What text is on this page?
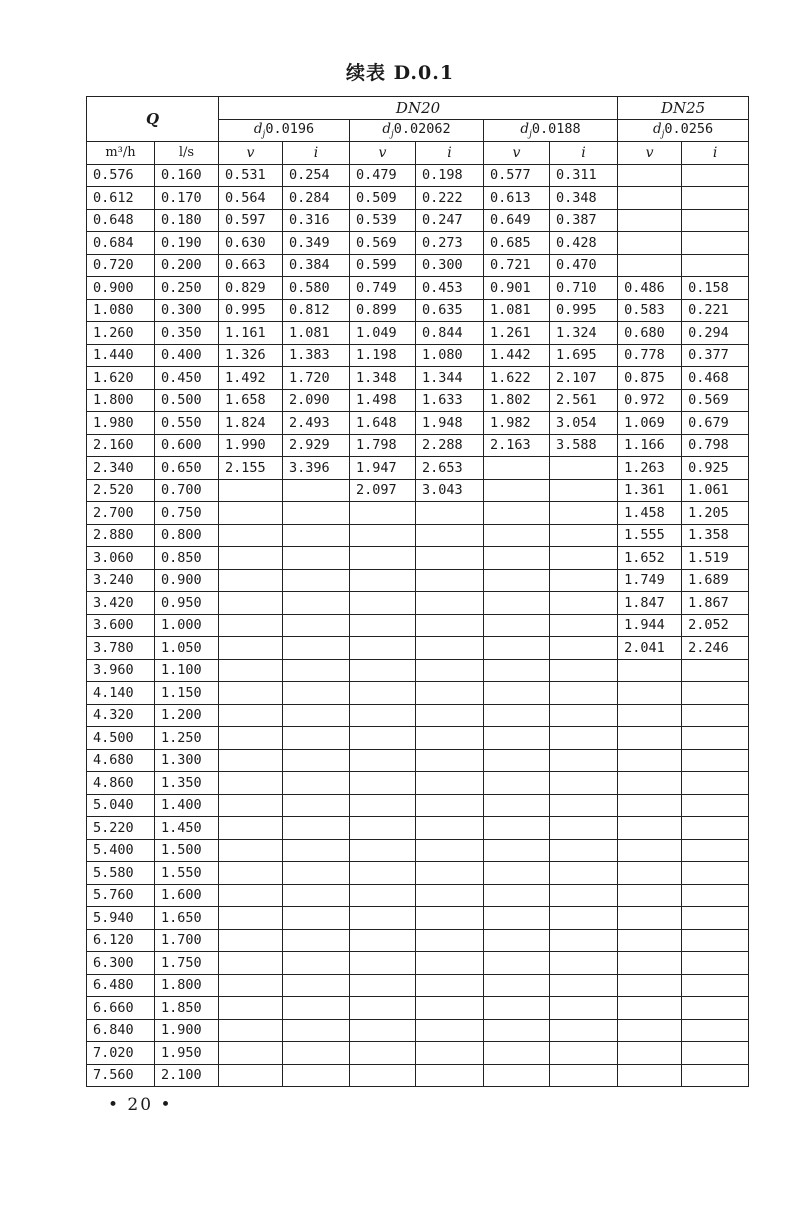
续表 D.0.1
Q		DN20						DN25	
		$d_j0.0196$		$d_j0.02062$		$d_j0.0188$		$d_j0.0256$	
m³/h	l/s	v	i	v	i	v	i	v	i
0.576	0.160	0.531	0.254	0.479	0.198	0.577	0.311		
0.612	0.170	0.564	0.284	0.509	0.222	0.613	0.348		
0.648	0.180	0.597	0.316	0.539	0.247	0.649	0.387		
0.684	0.190	0.630	0.349	0.569	0.273	0.685	0.428		
0.720	0.200	0.663	0.384	0.599	0.300	0.721	0.470		
0.900	0.250	0.829	0.580	0.749	0.453	0.901	0.710	0.486	0.158
1.080	0.300	0.995	0.812	0.899	0.635	1.081	0.995	0.583	0.221
1.260	0.350	1.161	1.081	1.049	0.844	1.261	1.324	0.680	0.294
1.440	0.400	1.326	1.383	1.198	1.080	1.442	1.695	0.778	0.377
1.620	0.450	1.492	1.720	1.348	1.344	1.622	2.107	0.875	0.468
1.800	0.500	1.658	2.090	1.498	1.633	1.802	2.561	0.972	0.569
1.980	0.550	1.824	2.493	1.648	1.948	1.982	3.054	1.069	0.679
2.160	0.600	1.990	2.929	1.798	2.288	2.163	3.588	1.166	0.798
2.340	0.650	2.155	3.396	1.947	2.653			1.263	0.925
2.520	0.700			2.097	3.043			1.361	1.061
2.700	0.750							1.458	1.205
2.880	0.800							1.555	1.358
3.060	0.850							1.652	1.519
3.240	0.900							1.749	1.689
3.420	0.950							1.847	1.867
3.600	1.000							1.944	2.052
3.780	1.050							2.041	2.246
3.960	1.100								
4.140	1.150								
4.320	1.200								
4.500	1.250								
4.680	1.300								
4.860	1.350								
5.040	1.400								
5.220	1.450								
5.400	1.500								
5.580	1.550								
5.760	1.600								
5.940	1.650								
6.120	1.700								
6.300	1.750								
6.480	1.800								
6.660	1.850								
6.840	1.900								
7.020	1.950								
7.560	2.100								
• 20 •
